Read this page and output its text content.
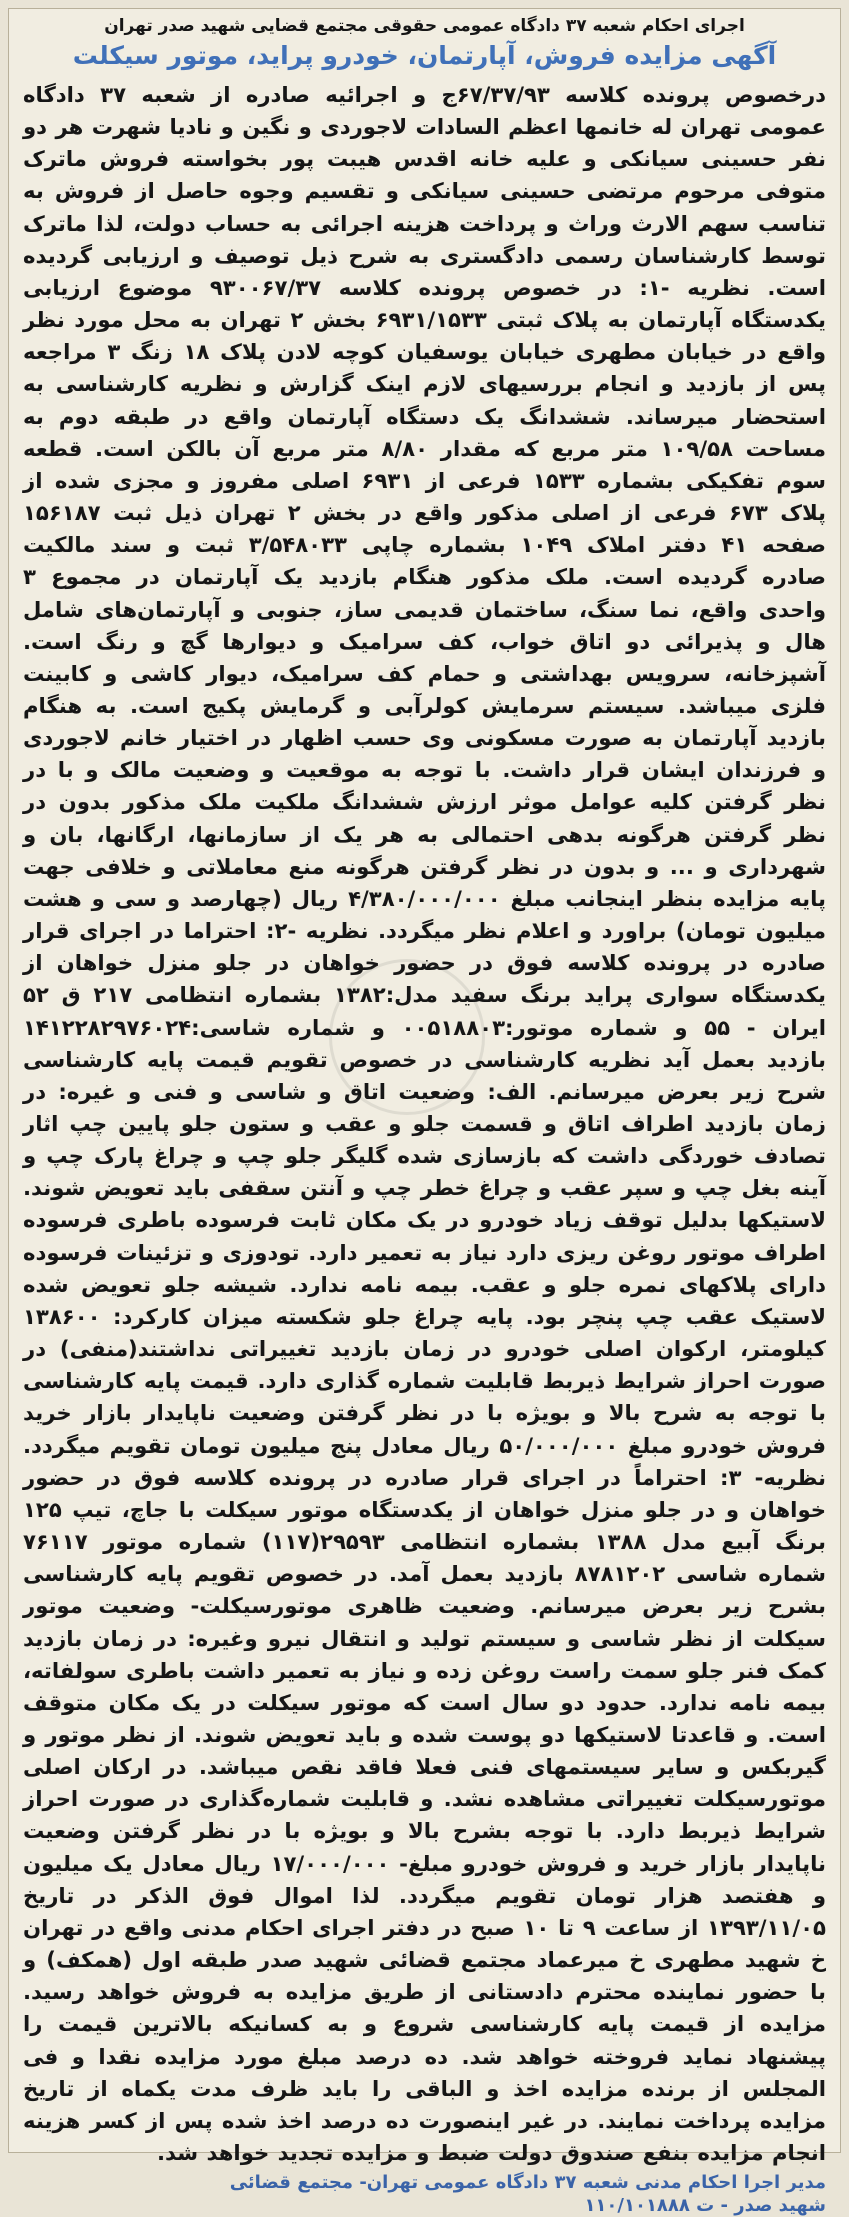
اجرای احکام شعبه ۳۷ دادگاه عمومی حقوقی مجتمع قضایی شهید صدر تهران
آگهی مزایده فروش، آپارتمان، خودرو پراید، موتور سیکلت
درخصوص پرونده کلاسه ۶۷/۳۷/۹۳ج و اجرائیه صادره از شعبه ۳۷ دادگاه عمومی تهران له خانمها اعظم السادات لاجوردی و نگین و نادیا شهرت هر دو نفر حسینی سیانکی و علیه خانه اقدس هیبت پور بخواسته فروش ماترک متوفی مرحوم مرتضی حسینی سیانکی و تقسیم وجوه حاصل از فروش به تناسب سهم الارث وراث و پرداخت هزینه اجرائی به حساب دولت، لذا ماترک توسط کارشناسان رسمی دادگستری به شرح ذیل توصیف و ارزیابی گردیده است. نظریه -۱: در خصوص پرونده کلاسه ۹۳۰۰۶۷/۳۷ موضوع ارزیابی یکدستگاه آپارتمان به پلاک ثبتی ۶۹۳۱/۱۵۳۳ بخش ۲ تهران به محل مورد نظر واقع در خیابان مطهری خیابان یوسفیان کوچه لادن پلاک ۱۸ زنگ ۳ مراجعه پس از بازدید و انجام بررسیهای لازم اینک گزارش و نظریه کارشناسی به استحضار میرساند. ششدانگ یک دستگاه آپارتمان واقع در طبقه دوم به مساحت ۱۰۹/۵۸ متر مربع که مقدار ۸/۸۰ متر مربع آن بالکن است. قطعه سوم تفکیکی بشماره ۱۵۳۳ فرعی از ۶۹۳۱ اصلی مفروز و مجزی شده از پلاک ۶۷۳ فرعی از اصلی مذکور واقع در بخش ۲ تهران ذیل ثبت ۱۵۶۱۸۷ صفحه ۴۱ دفتر املاک ۱۰۴۹ بشماره چاپی ۳/۵۴۸۰۳۳ ثبت و سند مالکیت صادره گردیده است. ملک مذکور هنگام بازدید یک آپارتمان در مجموع ۳ واحدی واقع، نما سنگ، ساختمان قدیمی ساز، جنوبی و آپارتمان‌های شامل هال و پذیرائی دو اتاق خواب، کف سرامیک و دیوارها گچ و رنگ است. آشپزخانه، سرویس بهداشتی و حمام کف سرامیک، دیوار کاشی و کابینت فلزی میباشد. سیستم سرمایش کولرآبی و گرمایش پکیج است. به هنگام بازدید آپارتمان به صورت مسکونی وی حسب اظهار در اختیار خانم لاجوردی و فرزندان ایشان قرار داشت. با توجه به موقعیت و وضعیت مالک و با در نظر گرفتن کلیه عوامل موثر ارزش ششدانگ ملکیت ملک مذکور بدون در نظر گرفتن هرگونه بدهی احتمالی به هر یک از سازمانها، ارگانها، بان و شهرداری و ... و بدون در نظر گرفتن هرگونه منع معاملاتی و خلافی جهت پایه مزایده بنظر اینجانب مبلغ ۴/۳۸۰/۰۰۰/۰۰۰ ریال (چهارصد و سی و هشت میلیون تومان) براورد و اعلام نظر میگردد. نظریه -۲: احتراما در اجرای قرار صادره در پرونده کلاسه فوق در حضور خواهان در جلو منزل خواهان از یکدستگاه سواری پراید برنگ سفید مدل:۱۳۸۲ بشماره انتظامی ۲۱۷ ق ۵۲ ایران - ۵۵ و شماره موتور:۰۰۵۱۸۸۰۳ و شماره شاسی:۱۴۱۲۲۸۲۹۷۶۰۲۴ بازدید بعمل آید نظریه کارشناسی در خصوص تقویم قیمت پایه کارشناسی شرح زیر بعرض میرسانم. الف: وضعیت اتاق و شاسی و فنی و غیره: در زمان بازدید اطراف اتاق و قسمت جلو و عقب و ستون جلو پایین چپ اثار تصادف خوردگی داشت که بازسازی شده گلیگر جلو چپ و چراغ پارک چپ و آینه بغل چپ و سپر عقب و چراغ خطر چپ و آنتن سقفی باید تعویض شوند. لاستیکها بدلیل توقف زیاد خودرو در یک مکان ثابت فرسوده باطری فرسوده اطراف موتور روغن ریزی دارد نیاز به تعمیر دارد. تودوزی و تزئینات فرسوده دارای پلاکهای نمره جلو و عقب. بیمه نامه ندارد. شیشه جلو تعویض شده لاستیک عقب چپ پنچر بود. پایه چراغ جلو شکسته میزان کارکرد: ۱۳۸۶۰۰ کیلومتر، ارکوان اصلی خودرو در زمان بازدید تغییراتی نداشتند(منفی) در صورت احراز شرایط ذیربط قابلیت شماره گذاری دارد. قیمت پایه کارشناسی با توجه به شرح بالا و بویژه با در نظر گرفتن وضعیت ناپایدار بازار خرید فروش خودرو مبلغ ۵۰/۰۰۰/۰۰۰ ریال معادل پنج میلیون تومان تقویم میگردد. نظریه- ۳: احتراماً در اجرای قرار صادره در پرونده کلاسه فوق در حضور خواهان و در جلو منزل خواهان از یکدستگاه موتور سیکلت با جاچ، تیپ ۱۲۵ برنگ آبیع مدل ۱۳۸۸ بشماره انتظامی ۲۹۵۹۳(۱۱۷) شماره موتور ۷۶۱۱۷ شماره شاسی ۸۷۸۱۲۰۲ بازدید بعمل آمد. در خصوص تقویم پایه کارشناسی بشرح زیر بعرض میرسانم. وضعیت ظاهری موتورسیکلت- وضعیت موتور سیکلت از نظر شاسی و سیستم تولید و انتقال نیرو وغیره: در زمان بازدید کمک فنر جلو سمت راست روغن زده و نیاز به تعمیر داشت باطری سولفاته، بیمه نامه ندارد. حدود دو سال است که موتور سیکلت در یک مکان متوقف است. و قاعدتا لاستیکها دو پوست شده و باید تعویض شوند. از نظر موتور و گیربکس و سایر سیستمهای فنی فعلا فاقد نقص میباشد. در ارکان اصلی موتورسیکلت تغییراتی مشاهده نشد. و قابلیت شماره‌گذاری در صورت احراز شرایط ذیربط دارد. با توجه بشرح بالا و بویژه با در نظر گرفتن وضعیت ناپایدار بازار خرید و فروش خودرو مبلغ- ۱۷/۰۰۰/۰۰۰ ریال معادل یک میلیون و هفتصد هزار تومان تقویم میگردد. لذا اموال فوق الذکر در تاریخ ۱۳۹۳/۱۱/۰۵ از ساعت ۹ تا ۱۰ صبح در دفتر اجرای احکام مدنی واقع در تهران خ شهید مطهری خ میرعماد مجتمع قضائی شهید صدر طبقه اول (همکف) و با حضور نماینده محترم دادستانی از طریق مزایده به فروش خواهد رسید. مزایده از قیمت پایه کارشناسی شروع و به کسانیکه بالاترین قیمت را پیشنهاد نماید فروخته خواهد شد. ده درصد مبلغ مورد مزایده نقدا و فی المجلس از برنده مزایده اخذ و الباقی را باید ظرف مدت یکماه از تاریخ مزایده پرداخت نمایند. در غیر اینصورت ده درصد اخذ شده پس از کسر هزینه انجام مزایده بنفع صندوق دولت ضبط و مزایده تجدید خواهد شد.
مدیر اجرا احکام مدنی شعبه ۳۷ دادگاه عمومی تهران- مجتمع قضائی
شهید صدر - ت ۱۱۰/۱۰۱۸۸۸
